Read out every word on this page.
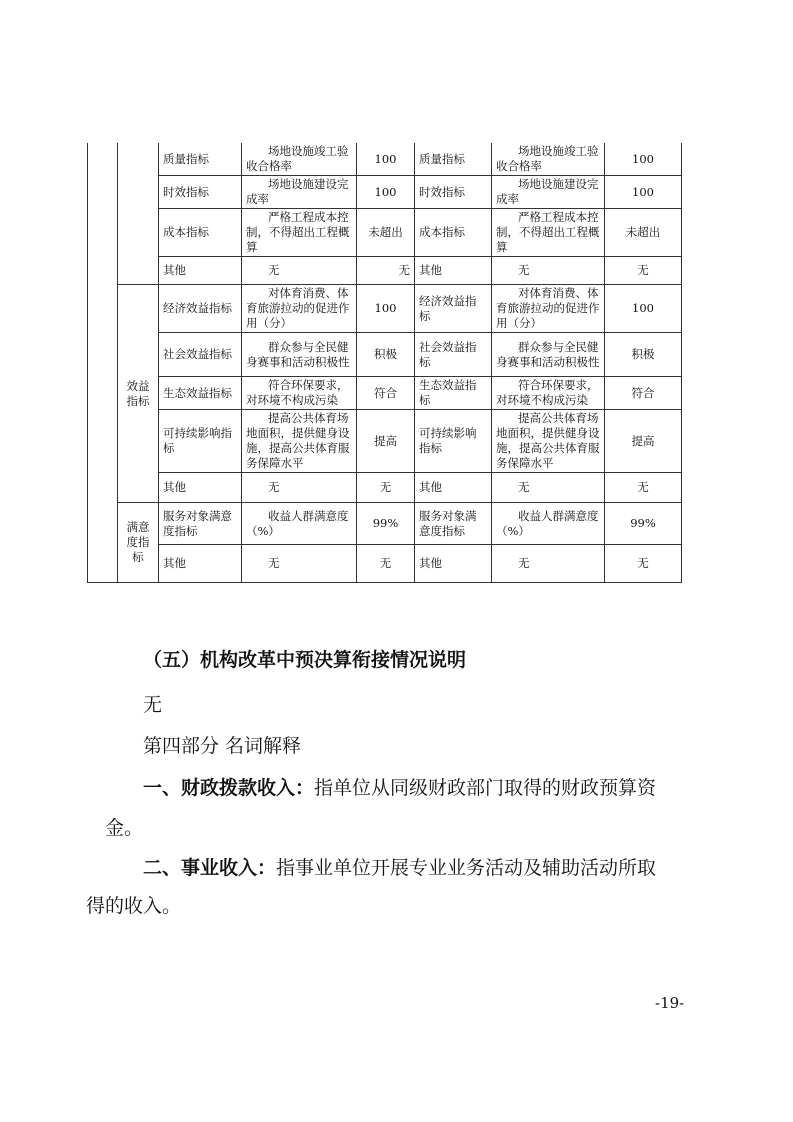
		质量指标	场地设施竣工验收合格率	100	质量指标	场地设施竣工验收合格率	100
		时效指标	场地设施建设完成率	100	时效指标	场地设施建设完成率	100
		成本指标	严格工程成本控制，不得超出工程概算	未超出	成本指标	严格工程成本控制，不得超出工程概算	未超出
		其他	无	无	其他	无	无
	效益指标	经济效益指标	对体育消费、体育旅游拉动的促进作用（分）	100	经济效益指标	对体育消费、体育旅游拉动的促进作用（分）	100
		社会效益指标	群众参与全民健身赛事和活动积极性	积极	社会效益指标	群众参与全民健身赛事和活动积极性	积极
		生态效益指标	符合环保要求，对环境不构成污染	符合	生态效益指标	符合环保要求，对环境不构成污染	符合
		可持续影响指标	提高公共体育场地面积，提供健身设施，提高公共体育服务保障水平	提高	可持续影响指标	提高公共体育场地面积，提供健身设施，提高公共体育服务保障水平	提高
		其他	无	无	其他	无	无
	满意度指标	服务对象满意度指标	收益人群满意度（%）	99%	服务对象满意度指标	收益人群满意度（%）	99%
		其他	无	无	其他	无	无
（五）机构改革中预决算衔接情况说明
无
第四部分 名词解释
一、财政拨款收入：指单位从同级财政部门取得的财政预算资
金。
二、事业收入：指事业单位开展专业业务活动及辅助活动所取
得的收入。
-19-
